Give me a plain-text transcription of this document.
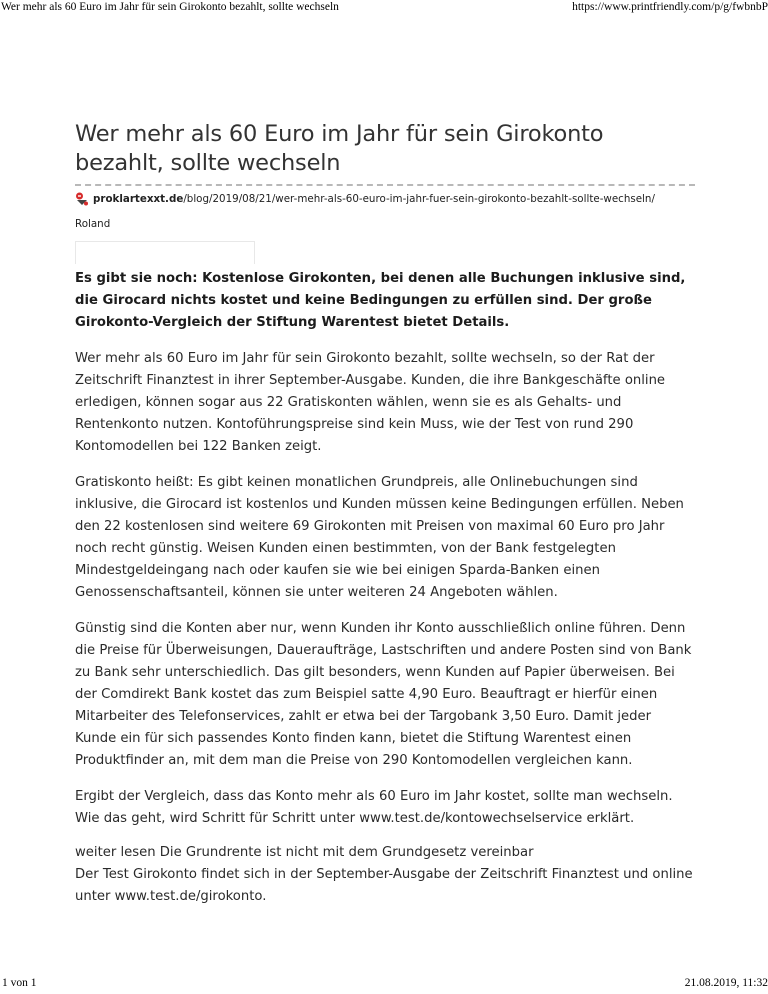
Wer mehr als 60 Euro im Jahr für sein Girokonto bezahlt, sollte wechseln	https://www.printfriendly.com/p/g/fwbnbP
Wer mehr als 60 Euro im Jahr für sein Girokonto bezahlt, sollte wechseln
proklartexxt.de /blog/2019/08/21/wer-mehr-als-60-euro-im-jahr-fuer-sein-girokonto-bezahlt-sollte-wechseln/
Roland

Es gibt sie noch: Kostenlose Girokonten, bei denen alle Buchungen inklusive sind, die Girocard nichts kostet und keine Bedingungen zu erfüllen sind. Der große Girokonto-Vergleich der Stiftung Warentest bietet Details.

Wer mehr als 60 Euro im Jahr für sein Girokonto bezahlt, sollte wechseln, so der Rat der Zeitschrift Finanztest in ihrer September-Ausgabe. Kunden, die ihre Bankgeschäfte online erledigen, können sogar aus 22 Gratiskonten wählen, wenn sie es als Gehalts- und Rentenkonto nutzen. Kontoführungspreise sind kein Muss, wie der Test von rund 290 Kontomodellen bei 122 Banken zeigt.

Gratiskonto heißt: Es gibt keinen monatlichen Grundpreis, alle Onlinebuchungen sind inklusive, die Girocard ist kostenlos und Kunden müssen keine Bedingungen erfüllen. Neben den 22 kostenlosen sind weitere 69 Girokonten mit Preisen von maximal 60 Euro pro Jahr noch recht günstig. Weisen Kunden einen bestimmten, von der Bank festgelegten Mindestgeldeingang nach oder kaufen sie wie bei einigen Sparda-Banken einen Genossenschaftsanteil, können sie unter weiteren 24 Angeboten wählen.

Günstig sind die Konten aber nur, wenn Kunden ihr Konto ausschließlich online führen. Denn die Preise für Überweisungen, Daueraufträge, Lastschriften und andere Posten sind von Bank zu Bank sehr unterschiedlich. Das gilt besonders, wenn Kunden auf Papier überweisen. Bei der Comdirekt Bank kostet das zum Beispiel satte 4,90 Euro. Beauftragt er hierfür einen Mitarbeiter des Telefonservices, zahlt er etwa bei der Targobank 3,50 Euro. Damit jeder Kunde ein für sich passendes Konto finden kann, bietet die Stiftung Warentest einen Produktfinder an, mit dem man die Preise von 290 Kontomodellen vergleichen kann.

Ergibt der Vergleich, dass das Konto mehr als 60 Euro im Jahr kostet, sollte man wechseln. Wie das geht, wird Schritt für Schritt unter www.test.de/kontowechselservice erklärt.

weiter lesen Die Grundrente ist nicht mit dem Grundgesetz vereinbar
Der Test Girokonto findet sich in der September-Ausgabe der Zeitschrift Finanztest und online unter www.test.de/girokonto.

1 von 1	21.08.2019, 11:32
